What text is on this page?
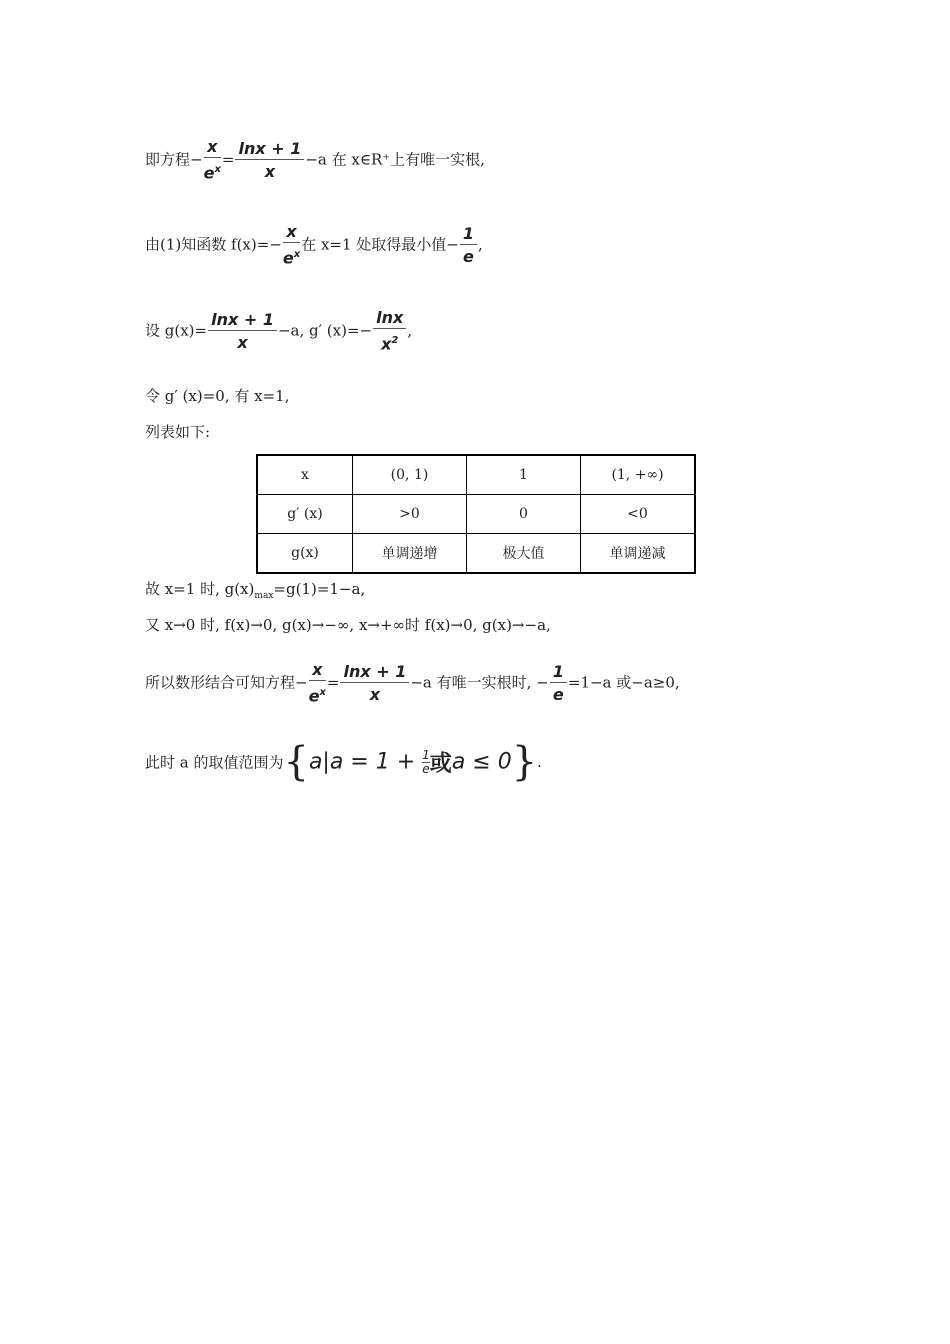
即方程− $\frac{x}{e^x} = \frac{\ln x + 1}{x} -a$ 在 x∈R⁺上有唯一实根,
由(1)知函数 $f(x)=- \frac{x}{e^x}$ 在 x=1 处取得最小值− $\frac{1}{e}$ ,
设 $g(x)= \frac{\ln x + 1}{x} -a$, g′ $(x)=- \frac{\ln x}{x^2}$ ,
令 g′ (x)=0, 有 x=1,
列表如下:
x	(0, 1)	1	(1, +∞)
g′ (x)	>0	0	<0
g(x)	单调递增	极大值	单调递减
故 x=1 时, $g(x)_{max}=g(1)=1-a$,
又 x→0 时, f(x)→0, g(x)→−∞, x→+∞时 f(x)→0, g(x)→−a,
所以数形结合可知方程− $\frac{x}{e^x} = \frac{\ln x + 1}{x} -a$ 有唯一实根时, − $\frac{1}{e} =1-a$ 或−a≥0,
此时 a 的取值范围为{$a|a = 1 + \frac{1}{e}$ 或a ≤ 0}.
